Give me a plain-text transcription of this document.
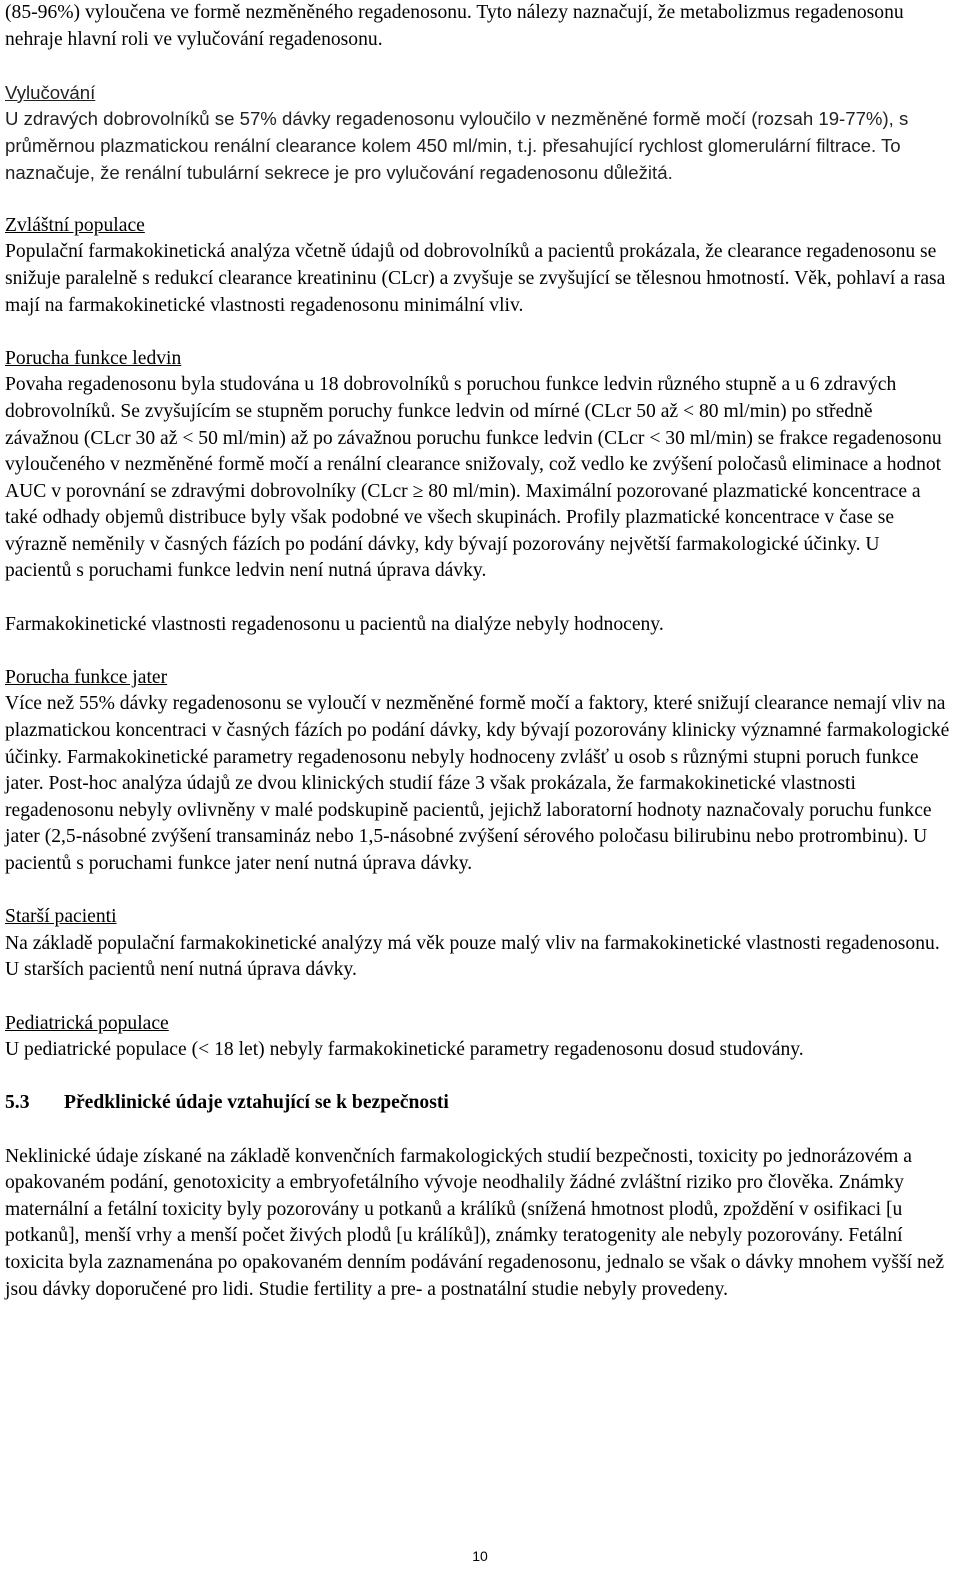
(85-96%) vyloučena ve formě nezměněného regadenosonu. Tyto nálezy naznačují, že metabolizmus regadenosonu nehraje hlavní roli ve vylučování regadenosonu.

Vylučování

U zdravých dobrovolníků se 57% dávky regadenosonu vyloučilo v nezměněné formě močí (rozsah 19-77%), s průměrnou plazmatickou renální clearance kolem 450 ml/min, t.j. přesahující rychlost glomerulární filtrace. To naznačuje, že renální tubulární sekrece je pro vylučování regadenosonu důležitá.

Zvláštní populace

Populační farmakokinetická analýza včetně údajů od dobrovolníků a pacientů prokázala, že clearance regadenosonu se snižuje paralelně s redukcí clearance kreatininu (CLcr) a zvyšuje se zvyšující se tělesnou hmotností. Věk, pohlaví a rasa mají na farmakokinetické vlastnosti regadenosonu minimální vliv.

Porucha funkce ledvin

Povaha regadenosonu byla studována u 18 dobrovolníků s poruchou funkce ledvin různého stupně a u 6 zdravých dobrovolníků. Se zvyšujícím se stupněm poruchy funkce ledvin od mírné (CLcr 50 až < 80 ml/min) po středně závažnou (CLcr 30 až < 50 ml/min) až po závažnou poruchu funkce ledvin (CLcr < 30 ml/min) se frakce regadenosonu vyloučeného v nezměněné formě močí a renální clearance snižovaly, což vedlo ke zvýšení poločasů eliminace a hodnot AUC v porovnání se zdravými dobrovolníky (CLcr ≥ 80 ml/min). Maximální pozorované plazmatické koncentrace a také odhady objemů distribuce byly však podobné ve všech skupinách. Profily plazmatické koncentrace v čase se výrazně neměnily v časných fázích po podání dávky, kdy bývají pozorovány největší farmakologické účinky. U pacientů s poruchami funkce ledvin není nutná úprava dávky.

Farmakokinetické vlastnosti regadenosonu u pacientů na dialýze nebyly hodnoceny.

Porucha funkce jater

Více než 55% dávky regadenosonu se vyloučí v nezměněné formě močí a faktory, které snižují clearance nemají vliv na plazmatickou koncentraci v časných fázích po podání dávky, kdy bývají pozorovány klinicky významné farmakologické účinky. Farmakokinetické parametry regadenosonu nebyly hodnoceny zvlášť u osob s různými stupni poruch funkce jater. Post-hoc analýza údajů ze dvou klinických studií fáze 3 však prokázala, že farmakokinetické vlastnosti regadenosonu nebyly ovlivněny v malé podskupině pacientů, jejichž laboratorní hodnoty naznačovaly poruchu funkce jater (2,5-násobné zvýšení transamináz nebo 1,5-násobné zvýšení sérového poločasu bilirubinu nebo protrombinu). U pacientů s poruchami funkce jater není nutná úprava dávky.

Starší pacienti

Na základě populační farmakokinetické analýzy má věk pouze malý vliv na farmakokinetické vlastnosti regadenosonu. U starších pacientů není nutná úprava dávky.

Pediatrická populace

U pediatrické populace (< 18 let) nebyly farmakokinetické parametry regadenosonu dosud studovány.

5.3	Předklinické údaje vztahující se k bezpečnosti

Neklinické údaje získané na základě konvenčních farmakologických studií bezpečnosti, toxicity po jednorázovém a opakovaném podání, genotoxicity a embryofetálního vývoje neodhalily žádné zvláštní riziko pro člověka. Známky maternální a fetální toxicity byly pozorovány u potkanů a králíků (snížená hmotnost plodů, zpoždění v osifikaci [u potkanů], menší vrhy a menší počet živých plodů [u králíků]), známky teratogenity ale nebyly pozorovány. Fetální toxicita byla zaznamenána po opakovaném denním podávání regadenosonu, jednalo se však o dávky mnohem vyšší než jsou dávky doporučené pro lidi. Studie fertility a pre- a postnatální studie nebyly provedeny.

10
